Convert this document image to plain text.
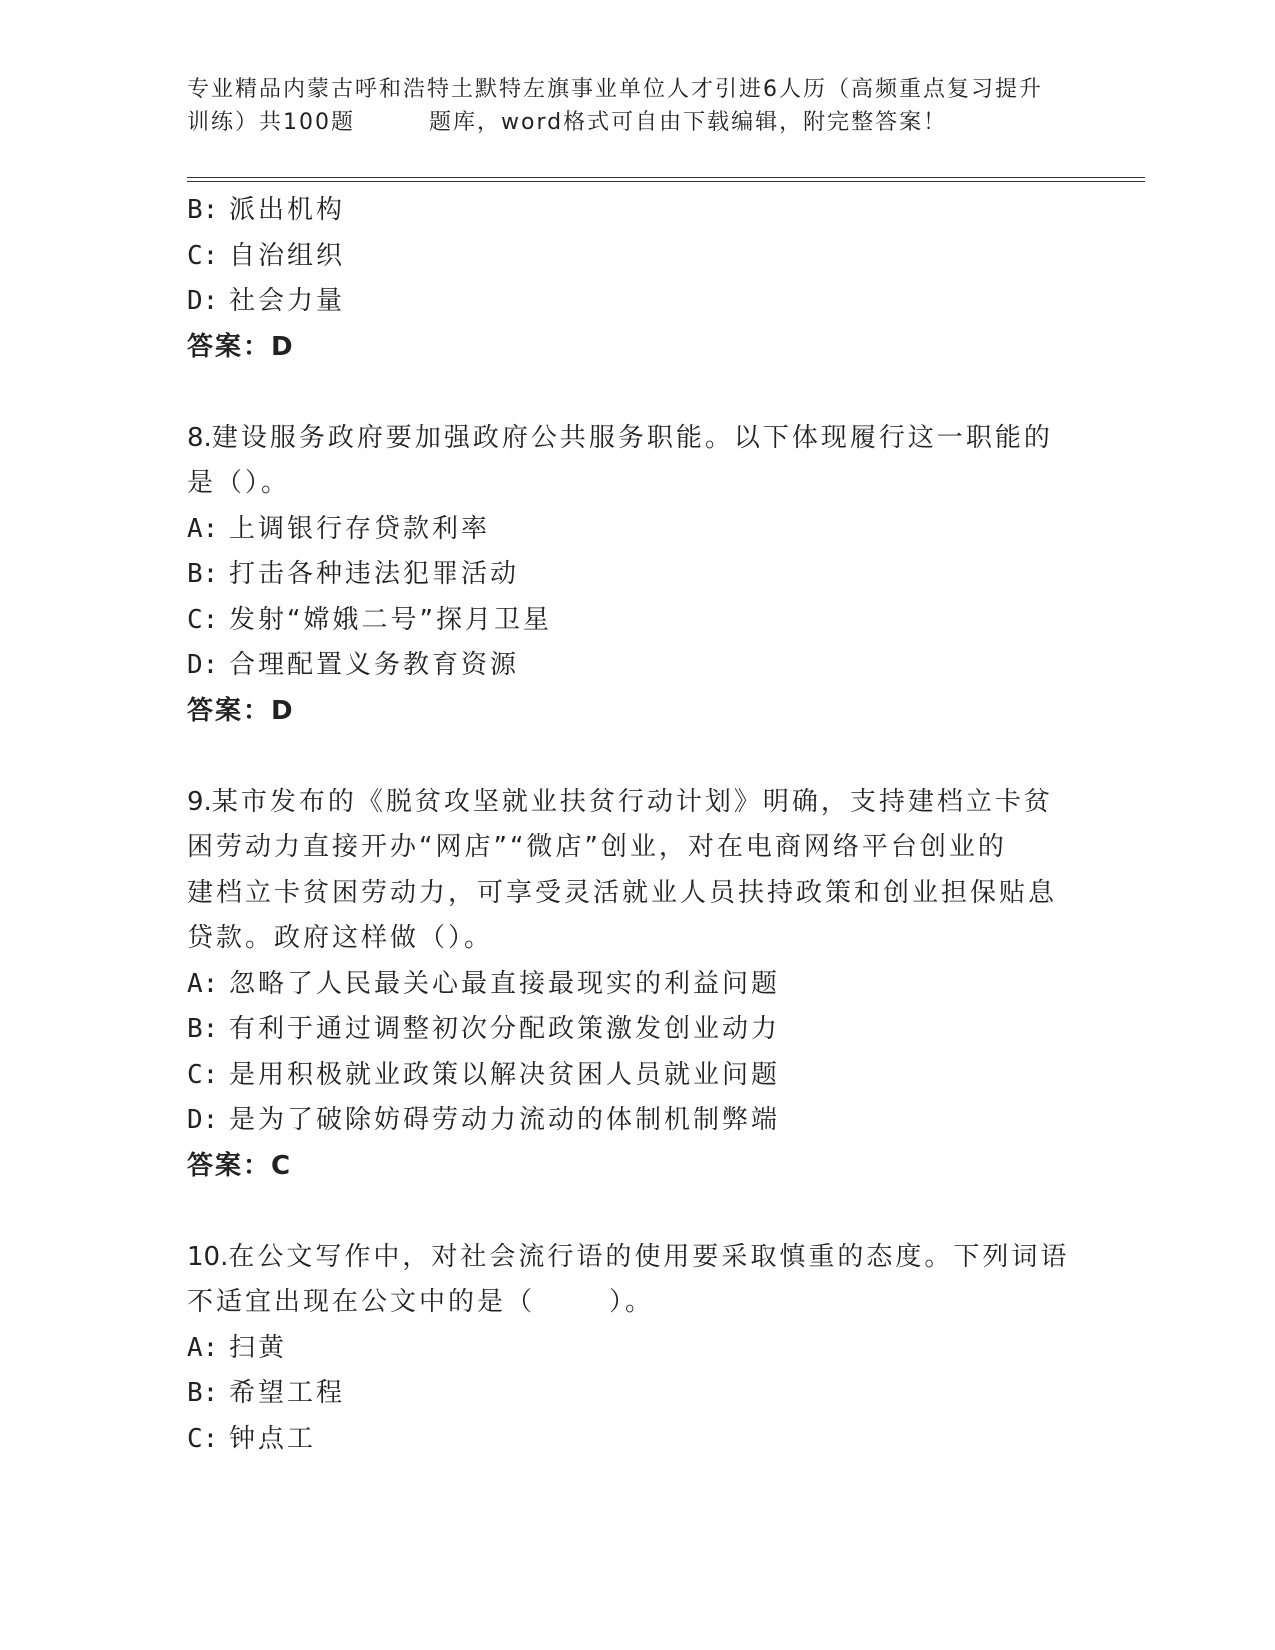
专业精品内蒙古呼和浩特土默特左旗事业单位人才引进6人历（高频重点复习提升
训练）共100题	题库，word格式可自由下载编辑，附完整答案！
B: 派出机构
C: 自治组织
D: 社会力量
答案：D
8.建设服务政府要加强政府公共服务职能。以下体现履行这一职能的
是（）。
A: 上调银行存贷款利率
B: 打击各种违法犯罪活动
C: 发射“嫦娥二号”探月卫星
D: 合理配置义务教育资源
答案：D
9.某市发布的《脱贫攻坚就业扶贫行动计划》明确，支持建档立卡贫
困劳动力直接开办“网店”“微店”创业，对在电商网络平台创业的
建档立卡贫困劳动力，可享受灵活就业人员扶持政策和创业担保贴息
贷款。政府这样做（）。
A: 忽略了人民最关心最直接最现实的利益问题
B: 有利于通过调整初次分配政策激发创业动力
C: 是用积极就业政策以解决贫困人员就业问题
D: 是为了破除妨碍劳动力流动的体制机制弊端
答案：C
10.在公文写作中，对社会流行语的使用要采取慎重的态度。下列词语
不适宜出现在公文中的是（	）。
A: 扫黄
B: 希望工程
C: 钟点工
